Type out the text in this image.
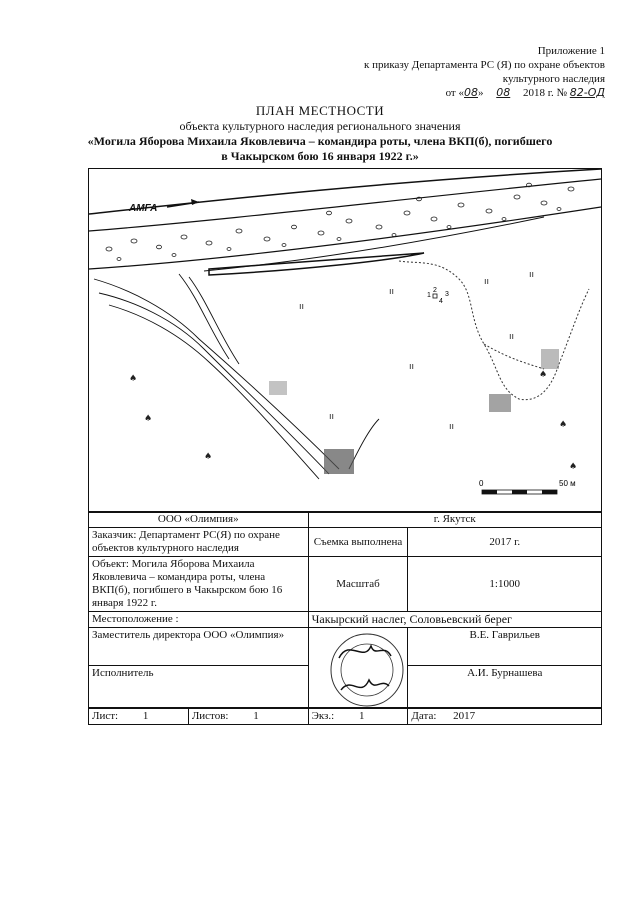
Приложение 1
к приказу Департамента РС (Я) по охране объектов
культурного наследия
от «08» 08 2018 г. № 82-ОД
ПЛАН МЕСТНОСТИ
объекта культурного наследия регионального значения
«Могила Яборова Михаила Яковлевича – командира роты, члена ВКП(б), погибшего
в Чакырском бою 16 января 1922 г.»
АМГА
1
2
3
4
♠
♠
♠
♠
♠
♠
ıı
ıı
ıı
ıı
ıı
ıı
ıı
ıı
0	50 м
ООО «Олимпия»	г. Якутск	
Заказчик: Департамент РС(Я) по охране объектов культурного наследия	Съемка выполнена	2017 г.
Объект: Могила Яборова Михаила Яковлевича – командира роты, члена ВКП(б), погибшего в Чакырском бою 16 января 1922 г.	Масштаб	1:1000
Местоположение :	Чакырский наслег, Соловьевский берег	
Заместитель директора ООО «Олимпия»		В.Е. Гаврильев
Исполнитель		А.И. Бурнашева
Лист: 1	Листов: 1	Экз.: 1	Дата: 2017
